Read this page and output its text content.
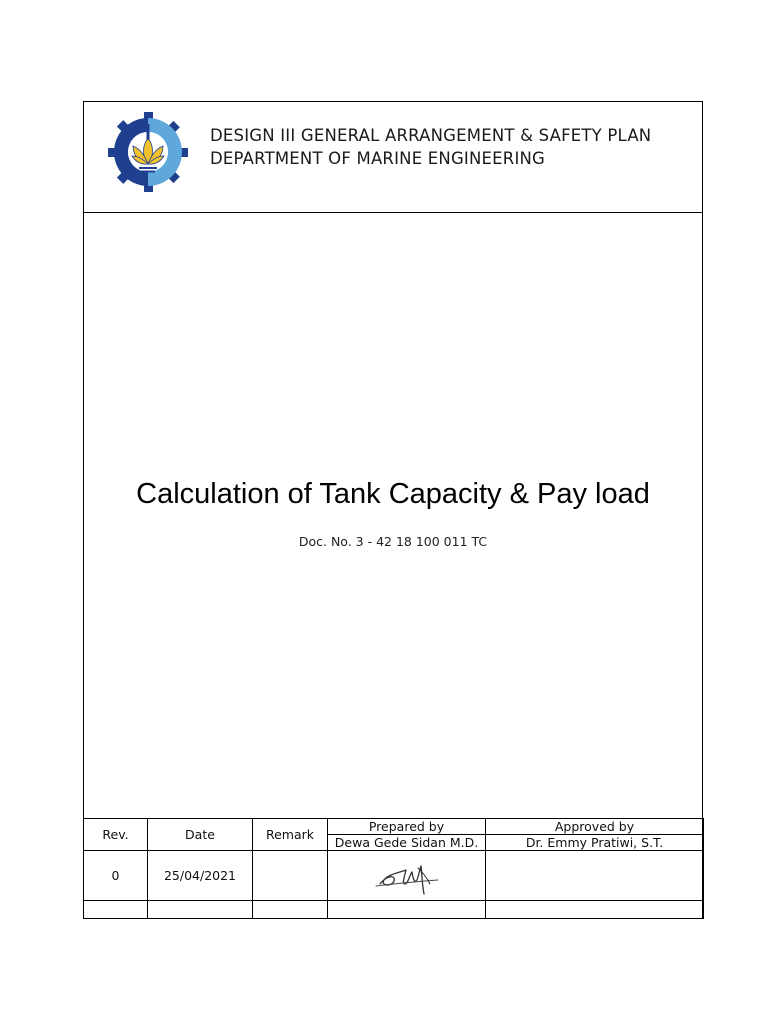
DESIGN III GENERAL ARRANGEMENT & SAFETY PLAN
DEPARTMENT OF MARINE ENGINEERING
Calculation of Tank Capacity & Pay load
Doc. No. 3 - 42 18 100 011 TC
Rev.	Date	Remark	Prepared by	Approved by
			Dewa Gede Sidan M.D.	Dr. Emmy Pratiwi, S.T.
0	25/04/2021		
